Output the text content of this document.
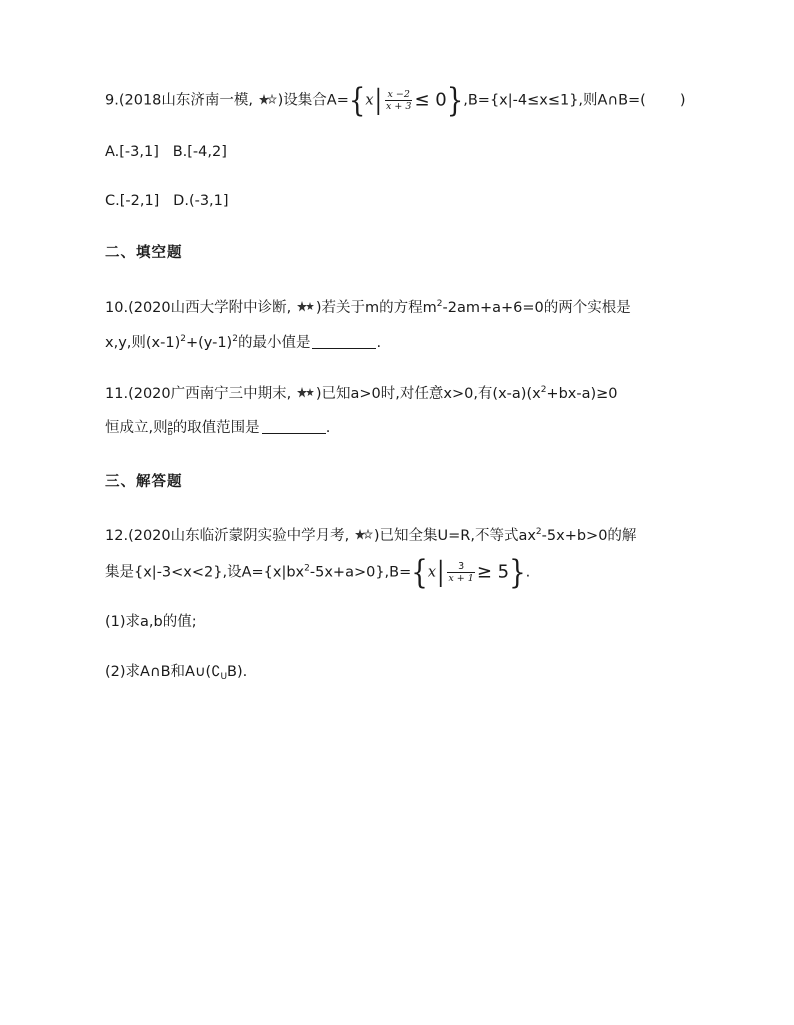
9.(2018山东济南一模, )设集合$A=\{x| \frac{x -2}{x + 3} \le 0\},B=\{x|-4\le x\le 1\}$,则A∩B=( )
A.[-3,1]   B.[-4,2]
C.[-2,1]   D.(-3,1]
二、填空题
10.(2020山西大学附中诊断, )若关于m的方程$m^2-2am+a+6=0$的两个实根是
x,y,则$(x-1)^2+(y-1)^2$的最小值是	.
11.(2020广西南宁三中期末, )已知a>0时,对任意x>0,有$(x-a)(x^2+bx-a)\ge 0$
恒成立,则 $\frac{a}{b}$ 的取值范围是	.
三、解答题
12.(2020山东临沂蒙阴实验中学月考, )已知全集U=R,不等式$ax^2-5x+b>0$的解
集是{x|-3<x<2},设$A=\{x|bx^2-5x+a>0\},B=\{x| \frac{3}{x + 1} \ge 5\}$.
(1)求a,b的值;
(2)求A∩B和$A\cup(∁_UB)$.
